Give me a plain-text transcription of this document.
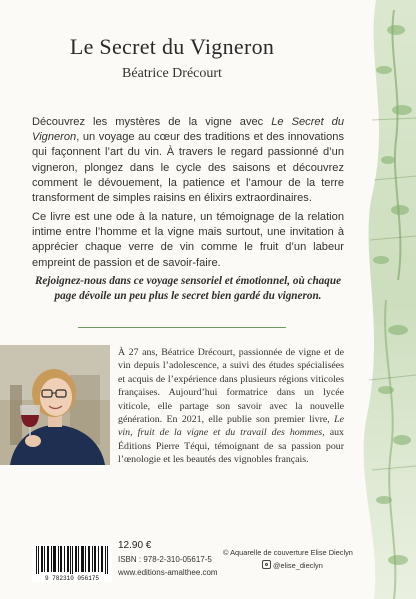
Le Secret du Vigneron
Béatrice Drécourt

Découvrez les mystères de la vigne avec Le Secret du Vigneron, un voyage au cœur des traditions et des innovations qui façonnent l’art du vin. À travers le regard passionné d’un vigneron, plongez dans le cycle des saisons et découvrez comment le dévouement, la patience et l’amour de la terre transforment de simples raisins en élixirs extraordinaires.

Ce livre est une ode à la nature, un témoignage de la relation intime entre l’homme et la vigne mais surtout, une invitation à apprécier chaque verre de vin comme le fruit d’un labeur empreint de passion et de savoir-faire.

Rejoignez-nous dans ce voyage sensoriel et émotionnel, où chaque page dévoile un peu plus le secret bien gardé du vigneron.

À 27 ans, Béatrice Drécourt, passionnée de vigne et de vin depuis l’adolescence, a suivi des études spécialisées et acquis de l’expérience dans plusieurs régions viticoles françaises. Aujourd’hui formatrice dans un lycée viticole, elle partage son savoir avec la nouvelle génération. En 2021, elle publie son premier livre, Le vin, fruit de la vigne et du travail des hommes, aux Éditions Pierre Téqui, témoignant de sa passion pour l’œnologie et les beautés des vignobles français.

9 782310 056175
12.90 €
ISBN : 978-2-310-05617-5
www.editions-amalthee.com
© Aquarelle de couverture Elise Dieclyn
@elise_dieclyn
